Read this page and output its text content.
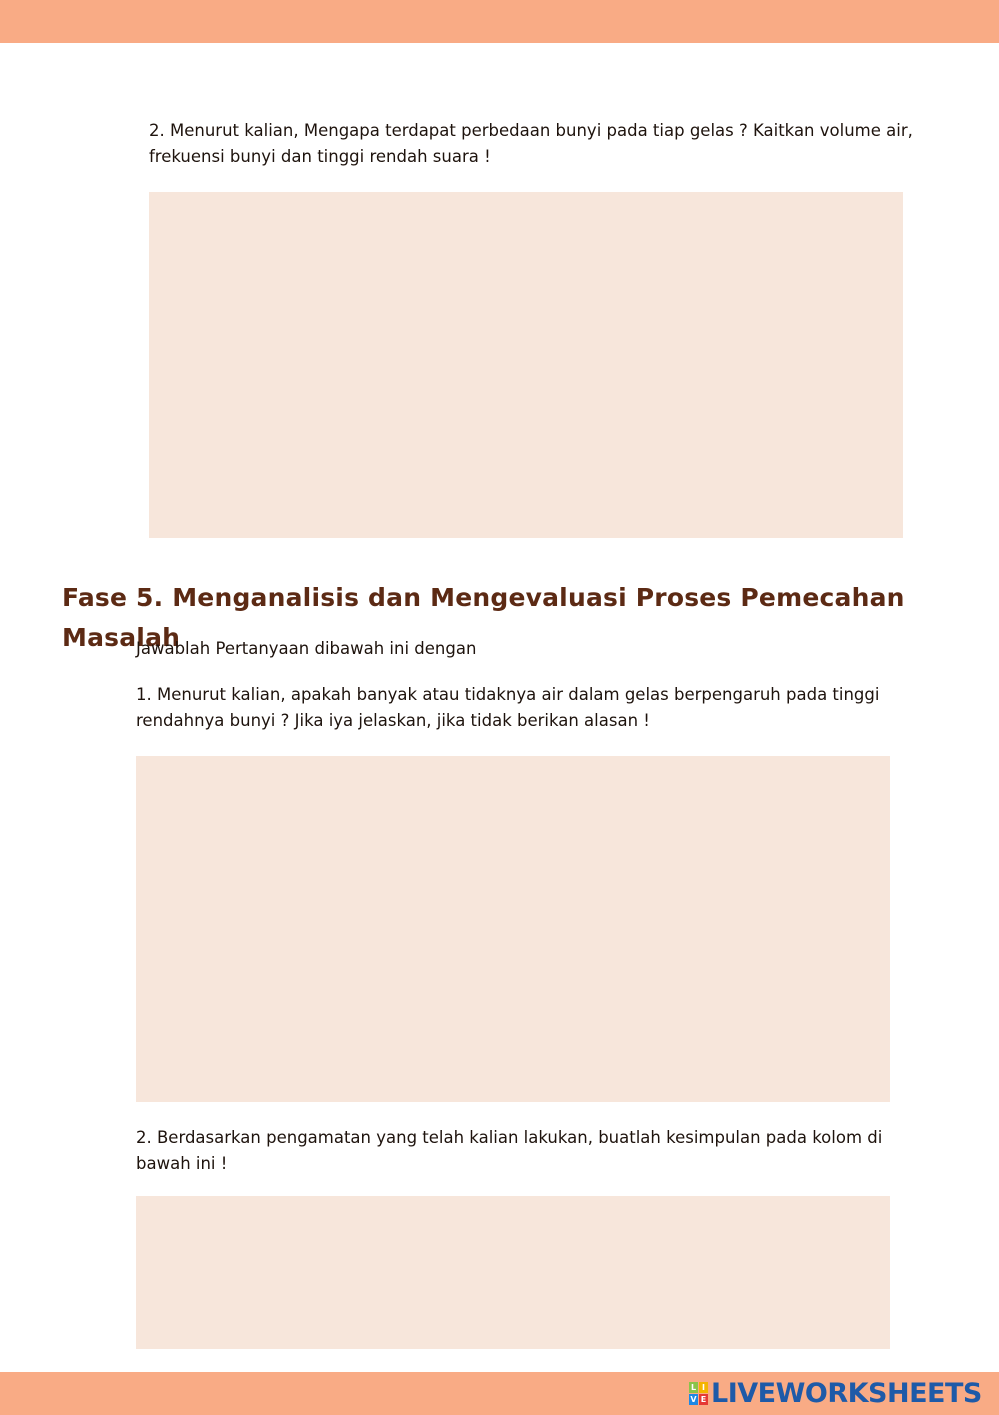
2. Menurut kalian, Mengapa terdapat perbedaan bunyi pada tiap gelas ? Kaitkan volume air, frekuensi bunyi dan tinggi rendah suara !

Fase 5. Menganalisis dan Mengevaluasi Proses Pemecahan Masalah

Jawablah Pertanyaan dibawah ini dengan

1. Menurut kalian, apakah banyak atau tidaknya air dalam gelas berpengaruh pada tinggi rendahnya bunyi ? Jika iya jelaskan, jika tidak berikan alasan !

2. Berdasarkan pengamatan yang telah kalian lakukan, buatlah kesimpulan pada kolom di bawah ini !

L I
V E LIVEWORKSHEETS
